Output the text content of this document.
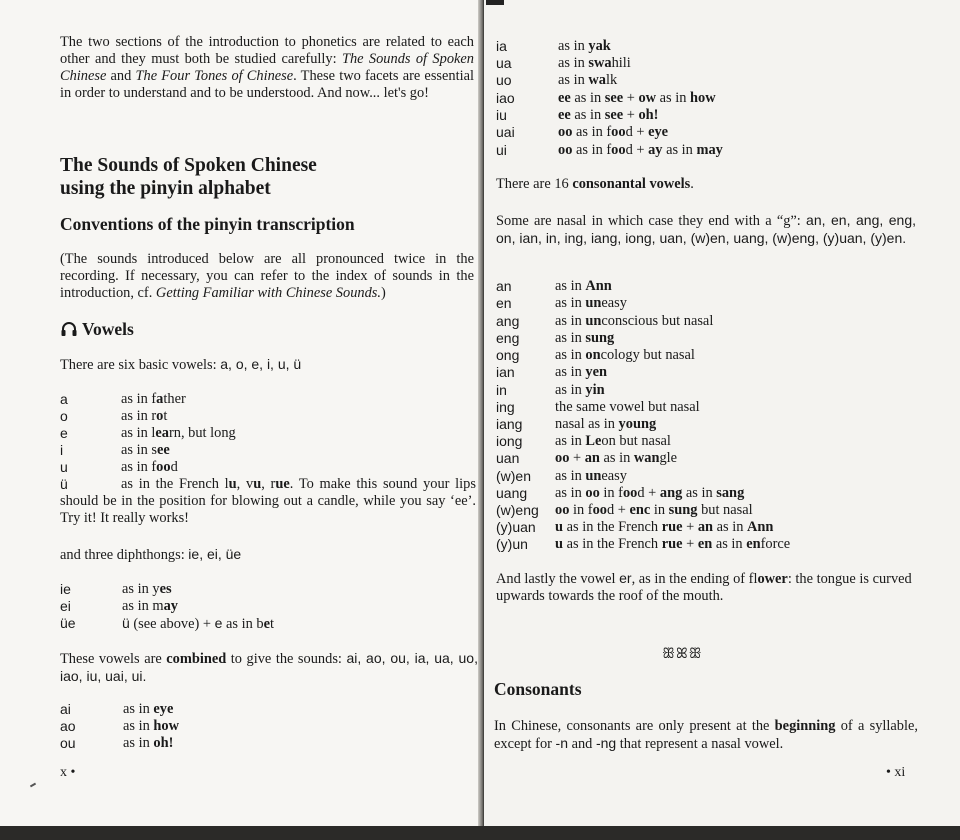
The two sections of the introduction to phonetics are related to each other and they must both be studied carefully: The Sounds of Spoken Chinese and The Four Tones of Chinese. These two facets are essential in order to understand and to be understood. And now... let's go!

The Sounds of Spoken Chinese
using the pinyin alphabet
Conventions of the pinyin transcription

(The sounds introduced below are all pronounced twice in the recording. If necessary, you can refer to the index of sounds in the introduction, cf. Getting Familiar with Chinese Sounds.)

Vowels

There are six basic vowels: a, o, e, i, u, ü

a	as in father
o	as in rot
e	as in learn, but long
i	as in see
u	as in food
ü	as in the French lu, vu, rue. To make this sound your lips should be in the position for blowing out a candle, while you say ‘ee’. Try it! It really works!

and three diphthongs: ie, ei, üe

ie	as in yes
ei	as in may
üe	ü (see above) + e as in bet

These vowels are combined to give the sounds: ai, ao, ou, ia, ua, uo, iao, iu, uai, ui.

ai	as in eye
ao	as in how
ou	as in oh!
x •
ia	as in yak
ua	as in swahili
uo	as in walk
iao	ee as in see + ow as in how
iu	ee as in see + oh!
uai	oo as in food + eye
ui	oo as in food + ay as in may

There are 16 consonantal vowels.

Some are nasal in which case they end with a “g”: an, en, ang, eng, on, ian, in, ing, iang, iong, uan, (w)en, uang, (w)eng, (y)uan, (y)en.

an	as in Ann
en	as in uneasy
ang as in unconscious but nasal
eng as in sung
ong as in oncology but nasal
ian	as in yen
in	as in yin
ing	the same vowel but nasal
iang nasal as in young
iong as in Leon but nasal
uan oo + an as in wangle
(w)en as in uneasy
uang as in oo in food + ang as in sang
(w)eng oo in food + enc in sung but nasal
(y)uan u as in the French rue + an as in Ann
(y)un u as in the French rue + en as in enforce

And lastly the vowel er, as in the ending of flower: the tongue is curved upwards towards the roof of the mouth.

ꕥꕤꕥ
Consonants

In Chinese, consonants are only present at the beginning of a syllable, except for -n and -ng that represent a nasal vowel.

• xi
